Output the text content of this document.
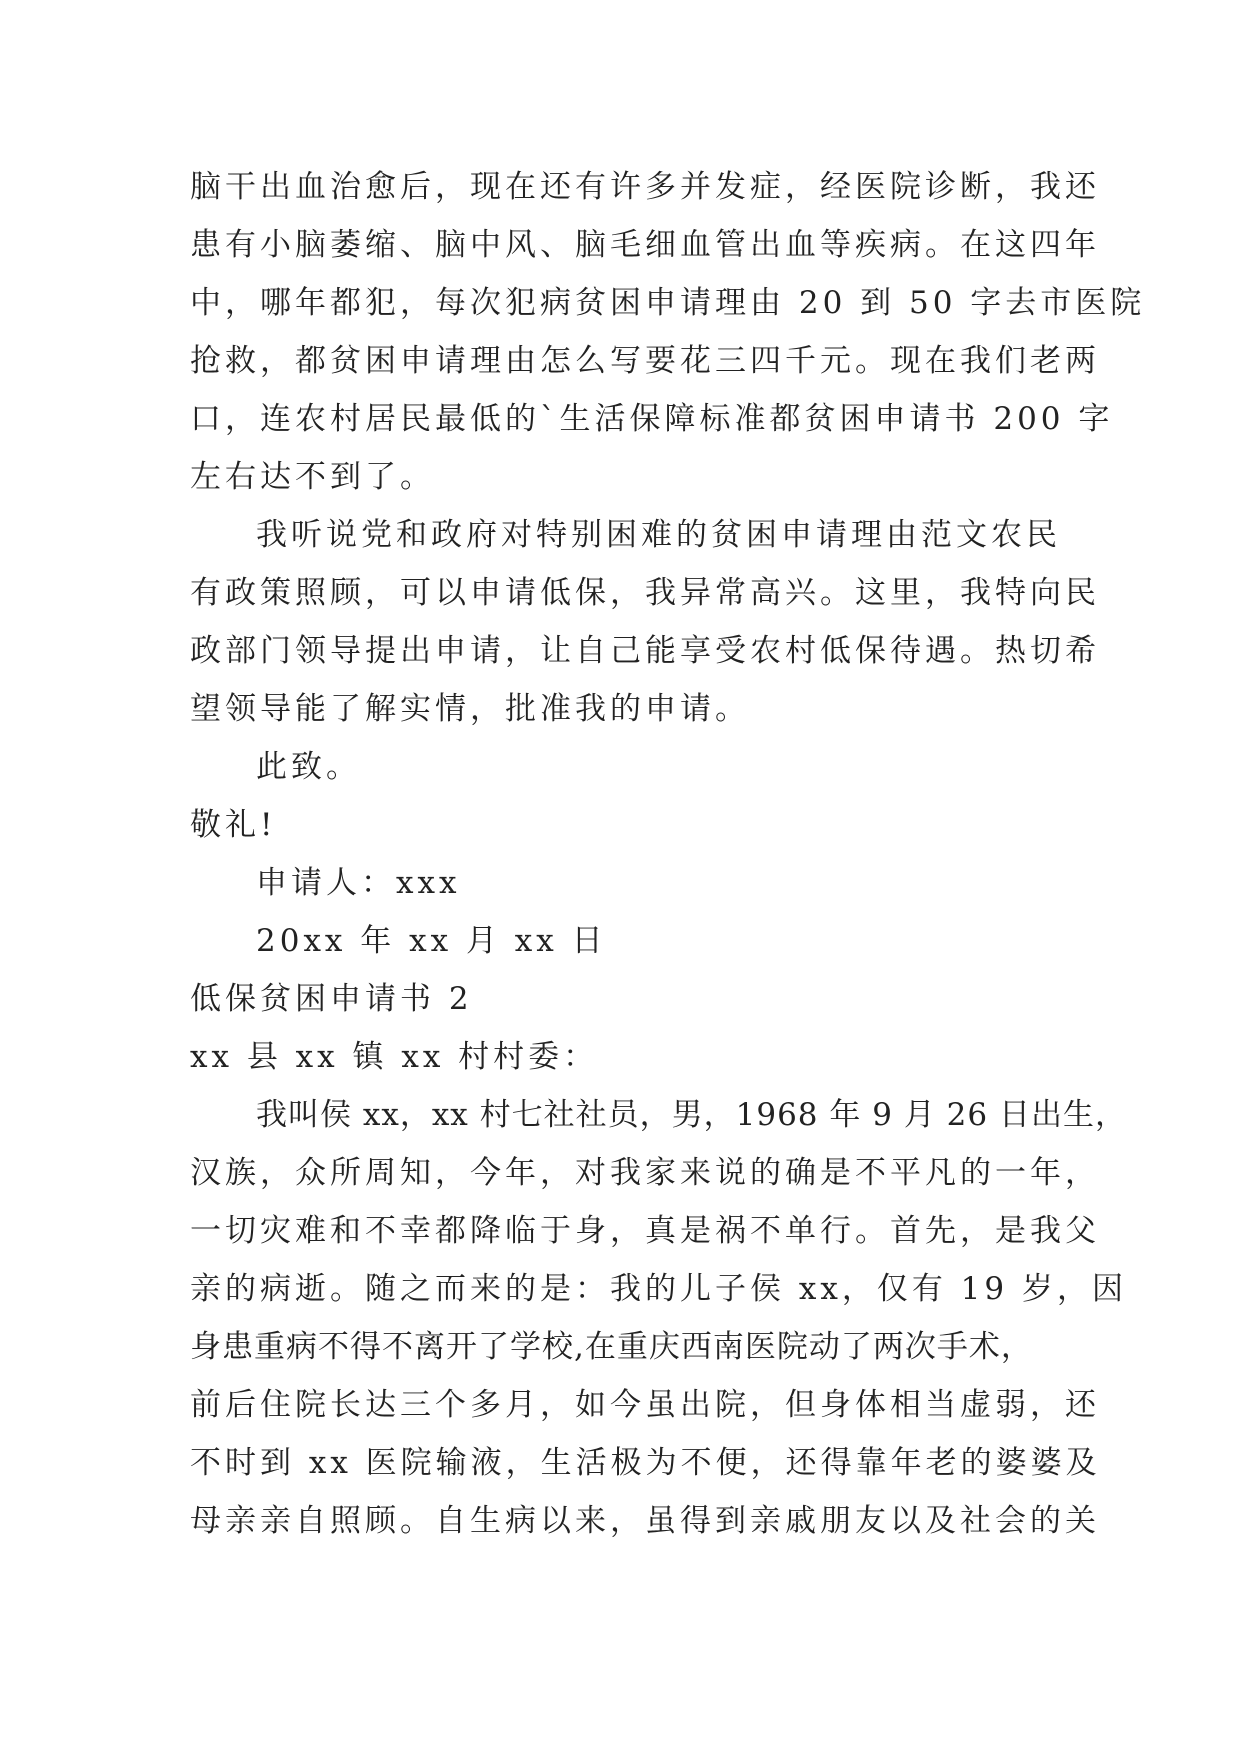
脑干出血治愈后，现在还有许多并发症，经医院诊断，我还
患有小脑萎缩、脑中风、脑毛细血管出血等疾病。在这四年
中，哪年都犯，每次犯病贫困申请理由 20 到 50 字去市医院
抢救，都贫困申请理由怎么写要花三四千元。现在我们老两
口，连农村居民最低的`生活保障标准都贫困申请书 200 字
左右达不到了。
我听说党和政府对特别困难的贫困申请理由范文农民
有政策照顾，可以申请低保，我异常高兴。这里，我特向民
政部门领导提出申请，让自己能享受农村低保待遇。热切希
望领导能了解实情，批准我的申请。
此致。
敬礼!
申请人：xxx
20xx 年 xx 月 xx 日
低保贫困申请书 2
xx 县 xx 镇 xx 村村委：
我叫侯 xx，xx 村七社社员，男，1968 年 9 月 26 日出生，
汉族，众所周知，今年，对我家来说的确是不平凡的一年，
一切灾难和不幸都降临于身，真是祸不单行。首先，是我父
亲的病逝。随之而来的是：我的儿子侯 xx，仅有 19 岁，因
身患重病不得不离开了学校,在重庆西南医院动了两次手术，
前后住院长达三个多月，如今虽出院，但身体相当虚弱，还
不时到 xx 医院输液，生活极为不便，还得靠年老的婆婆及
母亲亲自照顾。自生病以来，虽得到亲戚朋友以及社会的关
